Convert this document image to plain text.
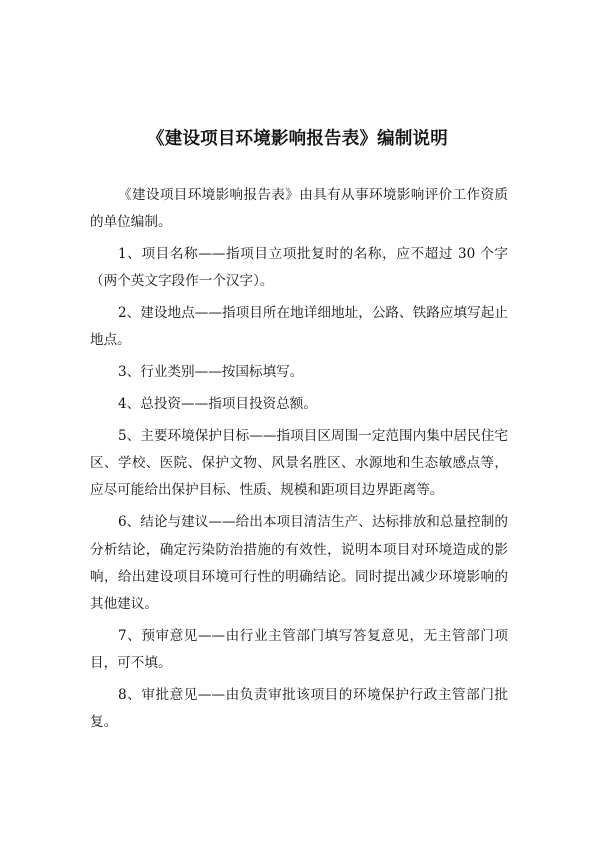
《建设项目环境影响报告表》编制说明

《建设项目环境影响报告表》由具有从事环境影响评价工作资质的单位编制。

1、项目名称——指项目立项批复时的名称，应不超过 30 个字（两个英文字段作一个汉字）。

2、建设地点——指项目所在地详细地址，公路、铁路应填写起止地点。

3、行业类别——按国标填写。

4、总投资——指项目投资总额。

5、主要环境保护目标——指项目区周围一定范围内集中居民住宅区、学校、医院、保护文物、风景名胜区、水源地和生态敏感点等，应尽可能给出保护目标、性质、规模和距项目边界距离等。

6、结论与建议——给出本项目清洁生产、达标排放和总量控制的分析结论，确定污染防治措施的有效性，说明本项目对环境造成的影响，给出建设项目环境可行性的明确结论。同时提出减少环境影响的其他建议。

7、预审意见——由行业主管部门填写答复意见，无主管部门项目，可不填。

8、审批意见——由负责审批该项目的环境保护行政主管部门批复。
